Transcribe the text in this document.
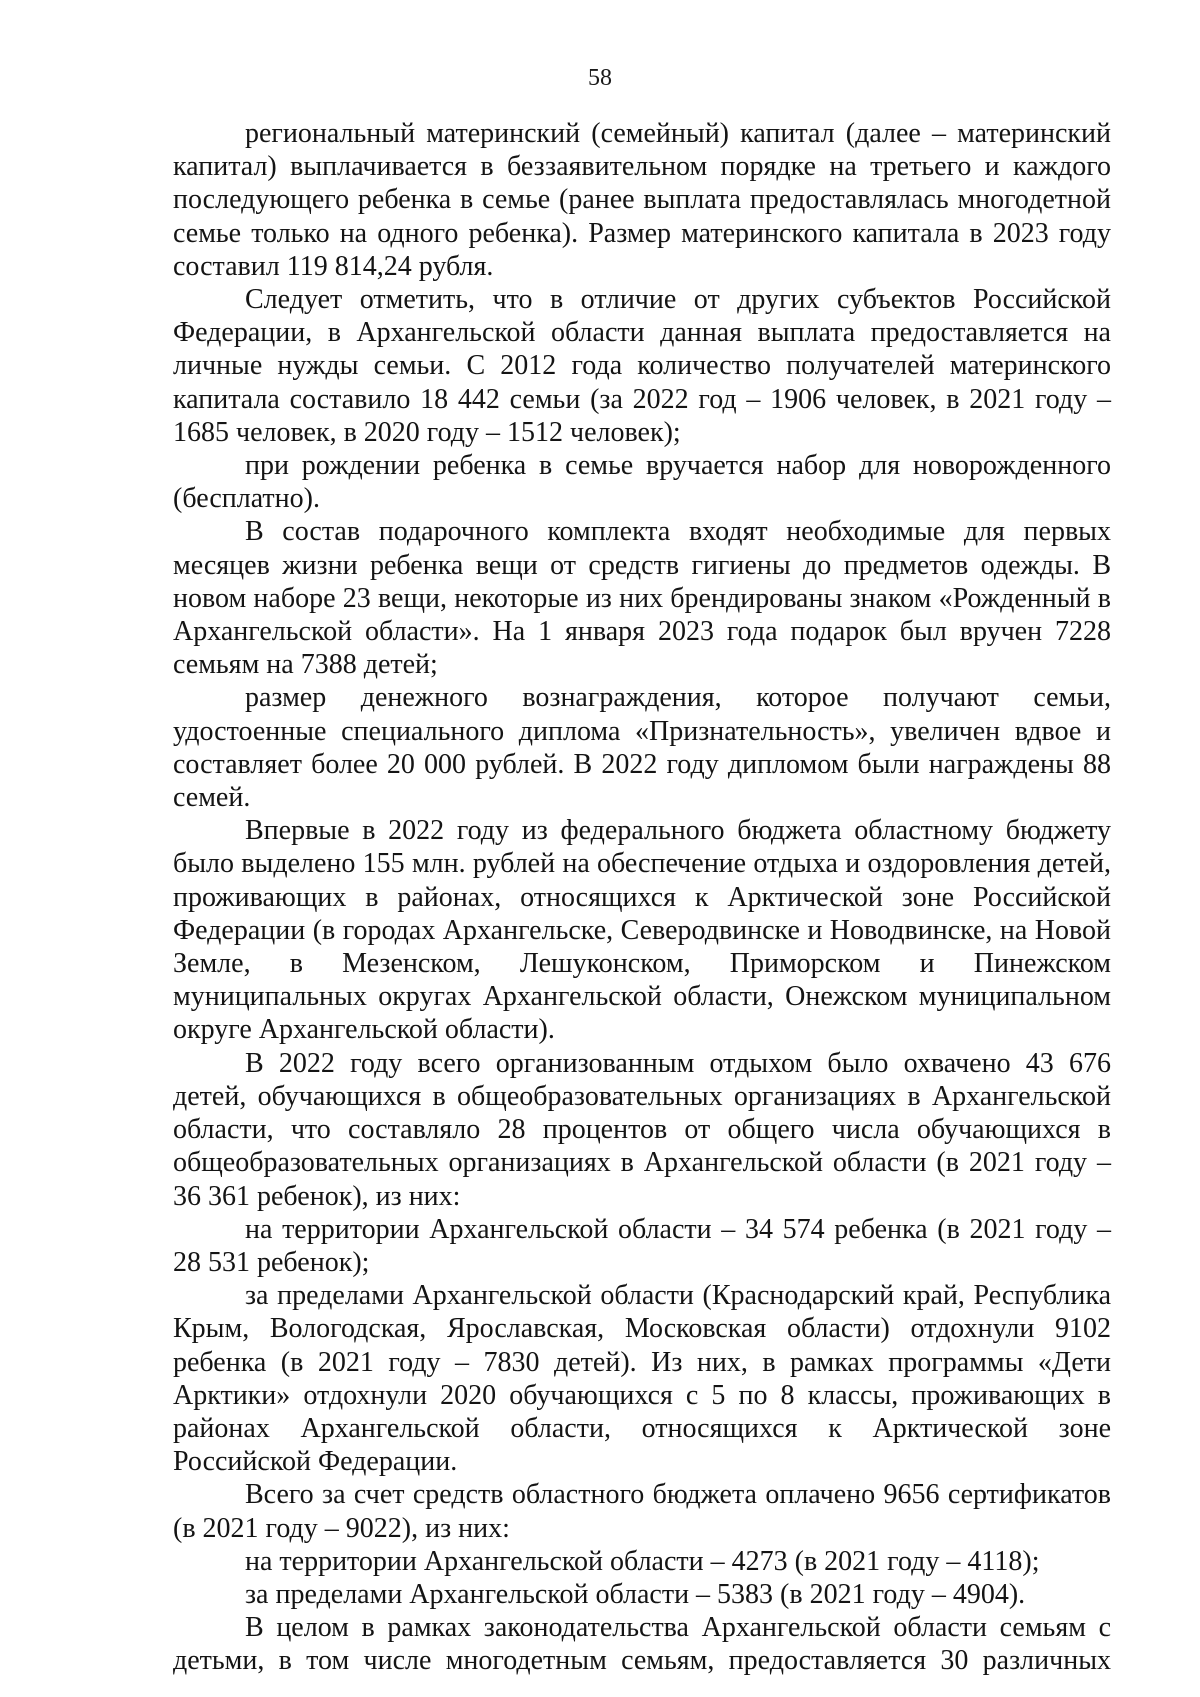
58

региональный материнский (семейный) капитал (далее – материнский капитал) выплачивается в беззаявительном порядке на третьего и каждого последующего ребенка в семье (ранее выплата предоставлялась многодетной семье только на одного ребенка). Размер материнского капитала в 2023 году составил 119 814,24 рубля.

Следует отметить, что в отличие от других субъектов Российской Федерации, в Архангельской области данная выплата предоставляется на личные нужды семьи. С 2012 года количество получателей материнского капитала составило 18 442 семьи (за 2022 год – 1906 человек, в 2021 году – 1685 человек, в 2020 году – 1512 человек);

при рождении ребенка в семье вручается набор для новорожденного (бесплатно).

В состав подарочного комплекта входят необходимые для первых месяцев жизни ребенка вещи от средств гигиены до предметов одежды. В новом наборе 23 вещи, некоторые из них брендированы знаком «Рожденный в Архангельской области». На 1 января 2023 года подарок был вручен 7228 семьям на 7388 детей;

размер денежного вознаграждения, которое получают семьи, удостоенные специального диплома «Признательность», увеличен вдвое и составляет более 20 000 рублей. В 2022 году дипломом были награждены 88 семей.

Впервые в 2022 году из федерального бюджета областному бюджету было выделено 155 млн. рублей на обеспечение отдыха и оздоровления детей, проживающих в районах, относящихся к Арктической зоне Российской Федерации (в городах Архангельске, Северодвинске и Новодвинске, на Новой Земле, в Мезенском, Лешуконском, Приморском и Пинежском муниципальных округах Архангельской области, Онежском муниципальном округе Архангельской области).

В 2022 году всего организованным отдыхом было охвачено 43 676 детей, обучающихся в общеобразовательных организациях в Архангельской области, что составляло 28 процентов от общего числа обучающихся в общеобразовательных организациях в Архангельской области (в 2021 году – 36 361 ребенок), из них:

на территории Архангельской области – 34 574 ребенка (в 2021 году – 28 531 ребенок);

за пределами Архангельской области (Краснодарский край, Республика Крым, Вологодская, Ярославская, Московская области) отдохнули 9102 ребенка (в 2021 году – 7830 детей). Из них, в рамках программы «Дети Арктики» отдохнули 2020 обучающихся с 5 по 8 классы, проживающих в районах Архангельской области, относящихся к Арктической зоне Российской Федерации.

Всего за счет средств областного бюджета оплачено 9656 сертификатов (в 2021 году – 9022), из них:

на территории Архангельской области – 4273 (в 2021 году – 4118);

за пределами Архангельской области – 5383 (в 2021 году – 4904).

В целом в рамках законодательства Архангельской области семьям с детьми, в том числе многодетным семьям, предоставляется 30 различных
